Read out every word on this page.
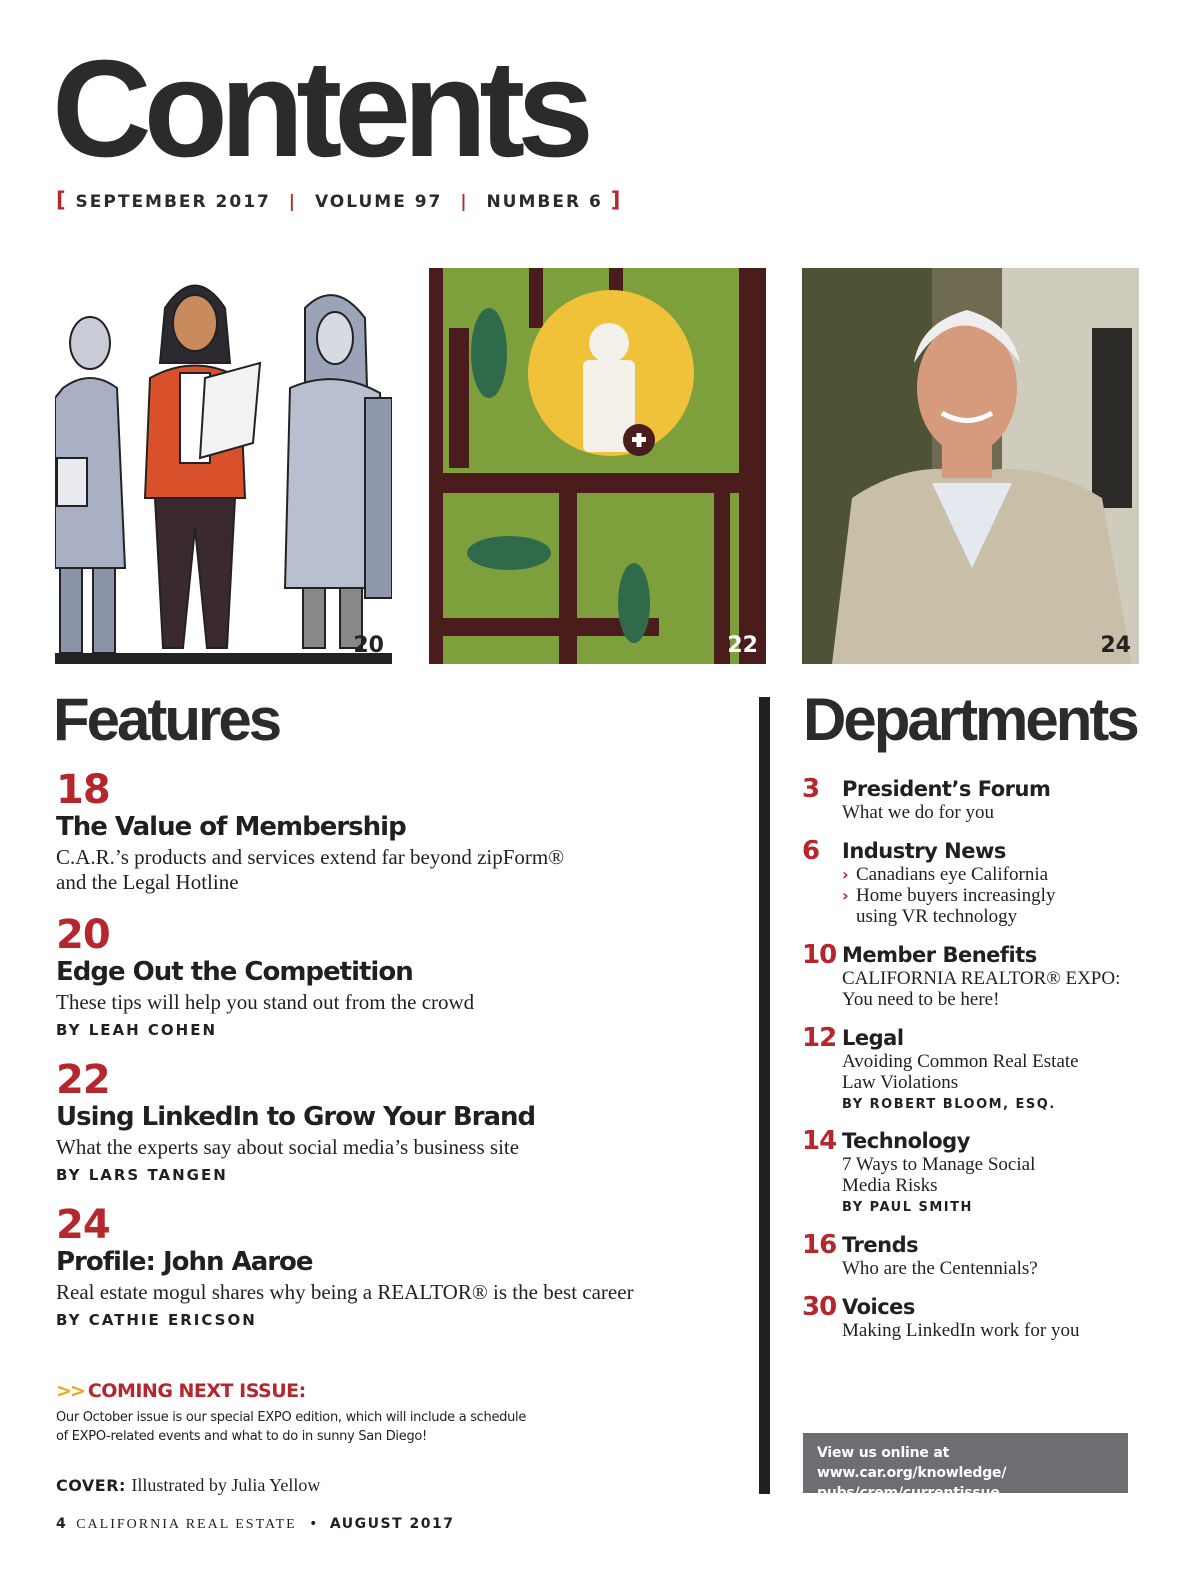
Contents
[ SEPTEMBER 2017 | VOLUME 97 | NUMBER 6 ]
20	22	24
Features
18
The Value of Membership
C.A.R.’s products and services extend far beyond zipForm® and the Legal Hotline
20
Edge Out the Competition
These tips will help you stand out from the crowd
BY LEAH COHEN
22
Using LinkedIn to Grow Your Brand
What the experts say about social media’s business site
BY LARS TANGEN
24
Profile: John Aaroe
Real estate mogul shares why being a REALTOR® is the best career
BY CATHIE ERICSON
Departments
3 President’s Forum
What we do for you
6 Industry News
› Canadians eye California
› Home buyers increasingly using VR technology
10 Member Benefits
CALIFORNIA REALTOR® EXPO: You need to be here!
12 Legal
Avoiding Common Real Estate Law Violations
BY ROBERT BLOOM, ESQ.
14 Technology
7 Ways to Manage Social Media Risks
BY PAUL SMITH
16 Trends
Who are the Centennials?
30 Voices
Making LinkedIn work for you
>> COMING NEXT ISSUE:
Our October issue is our special EXPO edition, which will include a schedule of EXPO-related events and what to do in sunny San Diego!
COVER: Illustrated by Julia Yellow
View us online at www.car.org/knowledge/ pubs/crem/currentissue
4 CALIFORNIA REAL ESTATE • AUGUST 2017
